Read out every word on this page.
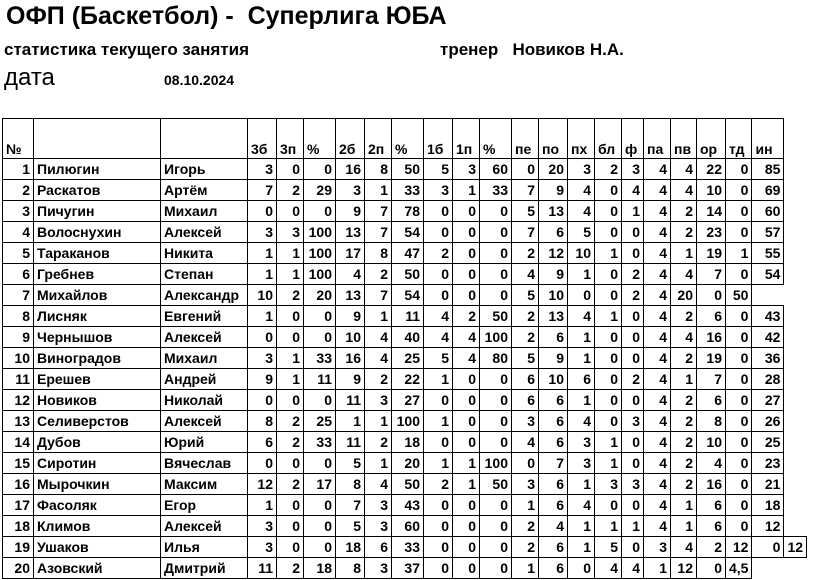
ОФП (Баскетбол) -  Суперлига ЮБА
статистика текущего занятия	тренер   Новиков Н.А.
дата	08.10.2024
№			3б	3п	%	2б	2п	%	1б	1п	%	пе	по	пх	бл	ф	па	пв	ор	тд	ин	
1	Пилюгин	Игорь	3	0	0	16	8	50	5	3	60	0	20	3	2	3	4	4	22	0	85	
2	Раскатов	Артём	7	2	29	3	1	33	3	1	33	7	9	4	0	4	4	4	10	0	69	
3	Пичугин	Михаил	0	0	0	9	7	78	0	0	0	5	13	4	0	1	4	2	14	0	60	
4	Волоснухин	Алексей	3	3	100	13	7	54	0	0	0	7	6	5	0	0	4	2	23	0	57	
5	Тараканов	Никита	1	1	100	17	8	47	2	0	0	2	12	10	1	0	4	1	19	1	55	
6	Гребнев	Степан	1	1	100	4	2	50	0	0	0	4	9	1	0	2	4	4	7	0	54	
7	Михайлов	Александр	10	2	20	13	7	54	0	0	0	5	10	0	0	2	4	20	0	50		
8	Лисняк	Евгений	1	0	0	9	1	11	4	2	50	2	13	4	1	0	4	2	6	0	43	
9	Чернышов	Алексей	0	0	0	10	4	40	4	4	100	2	6	1	0	0	4	4	16	0	42	
10	Виноградов	Михаил	3	1	33	16	4	25	5	4	80	5	9	1	0	0	4	2	19	0	36	
11	Ерешев	Андрей	9	1	11	9	2	22	1	0	0	6	10	6	0	2	4	1	7	0	28	
12	Новиков	Николай	0	0	0	11	3	27	0	0	0	6	6	1	0	0	4	2	6	0	27	
13	Селиверстов	Алексей	8	2	25	1	1	100	1	0	0	3	6	4	0	3	4	2	8	0	26	
14	Дубов	Юрий	6	2	33	11	2	18	0	0	0	4	6	3	1	0	4	2	10	0	25	
15	Сиротин	Вячеслав	0	0	0	5	1	20	1	1	100	0	7	3	1	0	4	2	4	0	23	
16	Мырочкин	Максим	12	2	17	8	4	50	2	1	50	3	6	1	3	3	4	2	16	0	21	
17	Фасоляк	Егор	1	0	0	7	3	43	0	0	0	1	6	4	0	0	4	1	6	0	18	
18	Климов	Алексей	3	0	0	5	3	60	0	0	0	2	4	1	1	1	4	1	6	0	12	
19	Ушаков	Илья	3	0	0	18	6	33	0	0	0	2	6	1	5	0	3	4	2	12	0	12
20	Азовский	Дмитрий	11	2	18	8	3	37	0	0	0	1	6	0	4	4	1	12	0	4,5		
